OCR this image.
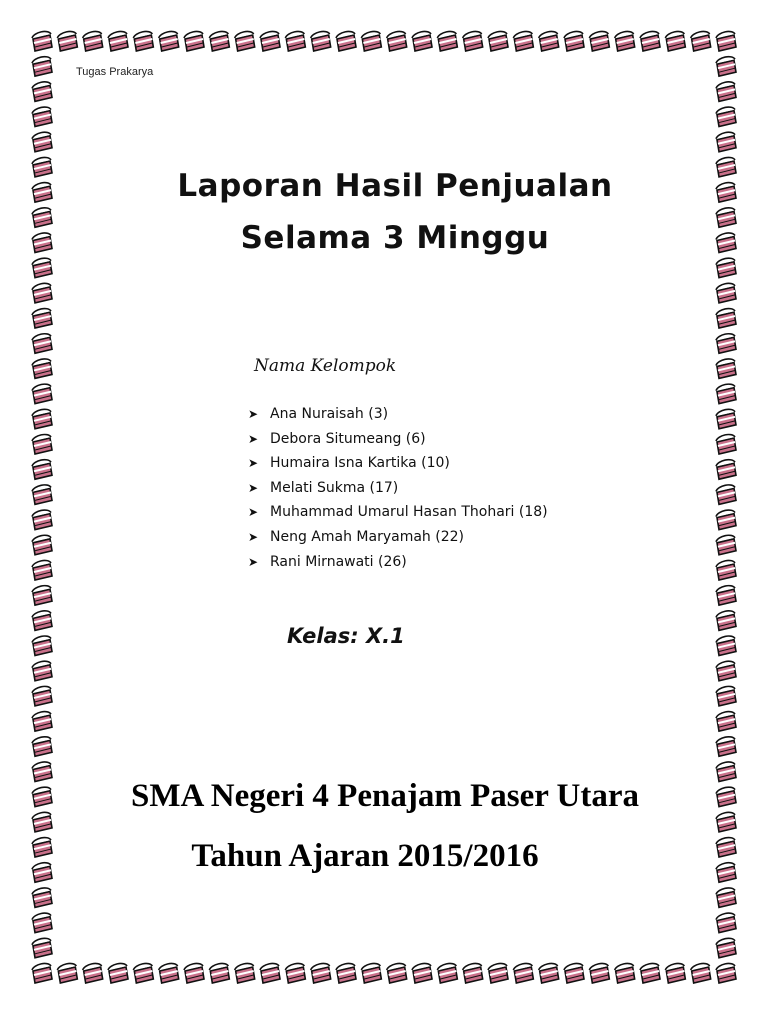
Tugas Prakarya
Laporan Hasil Penjualan
Selama 3 Minggu
Nama Kelompok
➤ Ana Nuraisah (3)
➤ Debora Situmeang (6)
➤ Humaira Isna Kartika (10)
➤ Melati Sukma (17)
➤ Muhammad Umarul Hasan Thohari (18)
➤ Neng Amah Maryamah (22)
➤ Rani Mirnawati (26)
Kelas: X.1
SMA Negeri 4 Penajam Paser Utara
Tahun Ajaran 2015/2016
